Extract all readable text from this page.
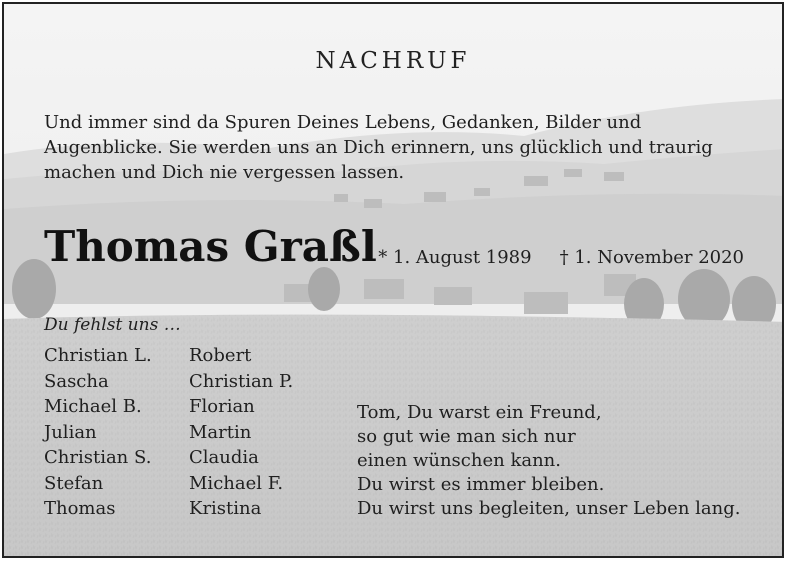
NACHRUF
Und immer sind da Spuren Deines Lebens, Gedanken, Bilder und Augenblicke. Sie werden uns an Dich erinnern, uns glücklich und traurig machen und Dich nie vergessen lassen.
Thomas Graßl * 1. August 1989 † 1. November 2020
Du fehlst uns …
Christian L.
Sascha
Michael B.
Julian
Christian S.
Stefan
Thomas
Robert
Christian P.
Florian
Martin
Claudia
Michael F.
Kristina
Tom, Du warst ein Freund,
so gut wie man sich nur
einen wünschen kann.
Du wirst es immer bleiben.
Du wirst uns begleiten, unser Leben lang.
